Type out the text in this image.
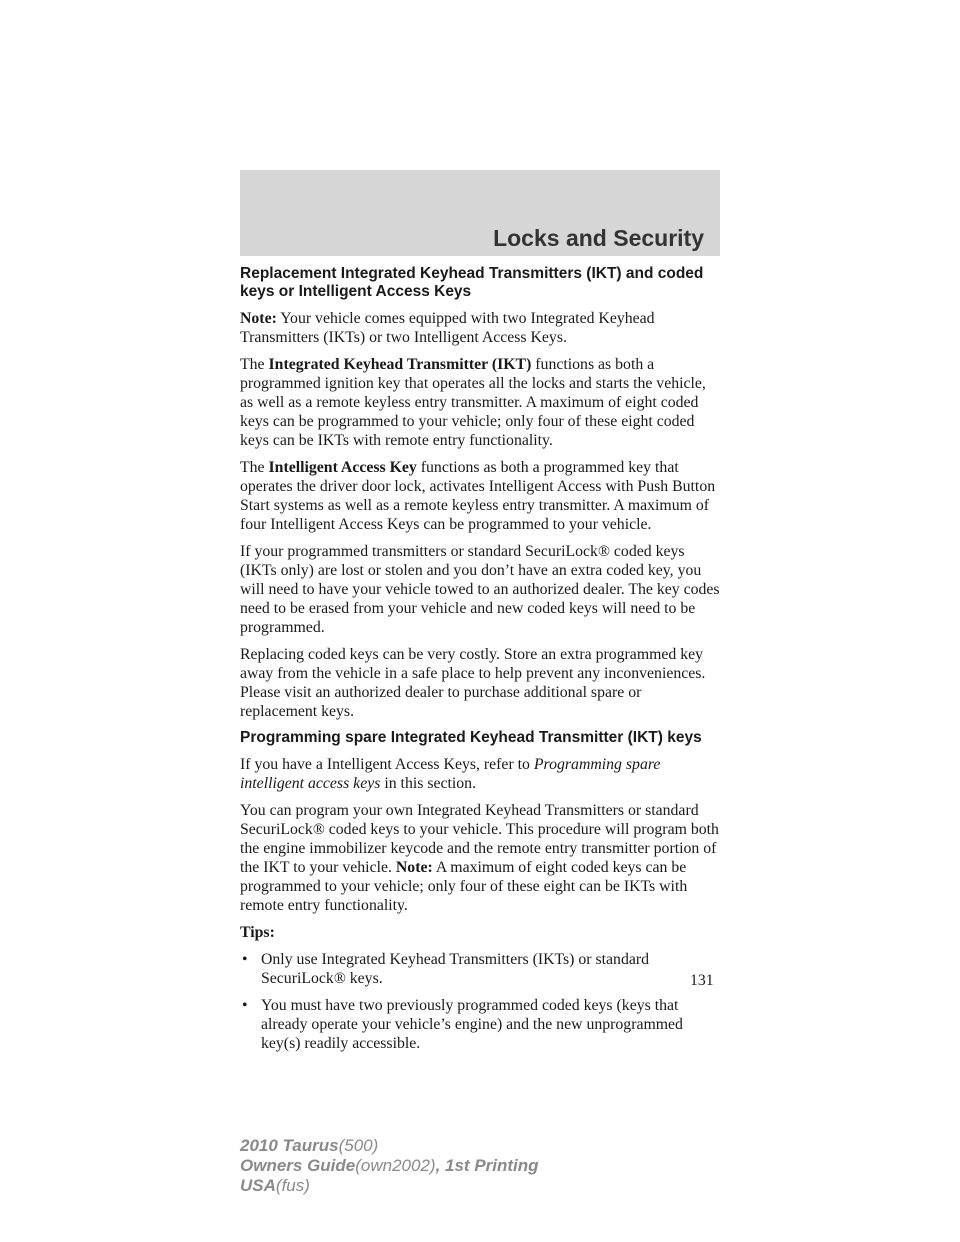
Locks and Security
Replacement Integrated Keyhead Transmitters (IKT) and coded keys or Intelligent Access Keys

Note: Your vehicle comes equipped with two Integrated Keyhead Transmitters (IKTs) or two Intelligent Access Keys.

The Integrated Keyhead Transmitter (IKT) functions as both a programmed ignition key that operates all the locks and starts the vehicle, as well as a remote keyless entry transmitter. A maximum of eight coded keys can be programmed to your vehicle; only four of these eight coded keys can be IKTs with remote entry functionality.

The Intelligent Access Key functions as both a programmed key that operates the driver door lock, activates Intelligent Access with Push Button Start systems as well as a remote keyless entry transmitter. A maximum of four Intelligent Access Keys can be programmed to your vehicle.

If your programmed transmitters or standard SecuriLock® coded keys (IKTs only) are lost or stolen and you don’t have an extra coded key, you will need to have your vehicle towed to an authorized dealer. The key codes need to be erased from your vehicle and new coded keys will need to be programmed.

Replacing coded keys can be very costly. Store an extra programmed key away from the vehicle in a safe place to help prevent any inconveniences. Please visit an authorized dealer to purchase additional spare or replacement keys.

Programming spare Integrated Keyhead Transmitter (IKT) keys

If you have a Intelligent Access Keys, refer to Programming spare intelligent access keys in this section.

You can program your own Integrated Keyhead Transmitters or standard SecuriLock® coded keys to your vehicle. This procedure will program both the engine immobilizer keycode and the remote entry transmitter portion of the IKT to your vehicle. Note: A maximum of eight coded keys can be programmed to your vehicle; only four of these eight can be IKTs with remote entry functionality.

Tips:

• Only use Integrated Keyhead Transmitters (IKTs) or standard SecuriLock® keys.
• You must have two previously programmed coded keys (keys that already operate your vehicle’s engine) and the new unprogrammed key(s) readily accessible.
131
2010 Taurus(500)
Owners Guide(own2002), 1st Printing
USA(fus)
